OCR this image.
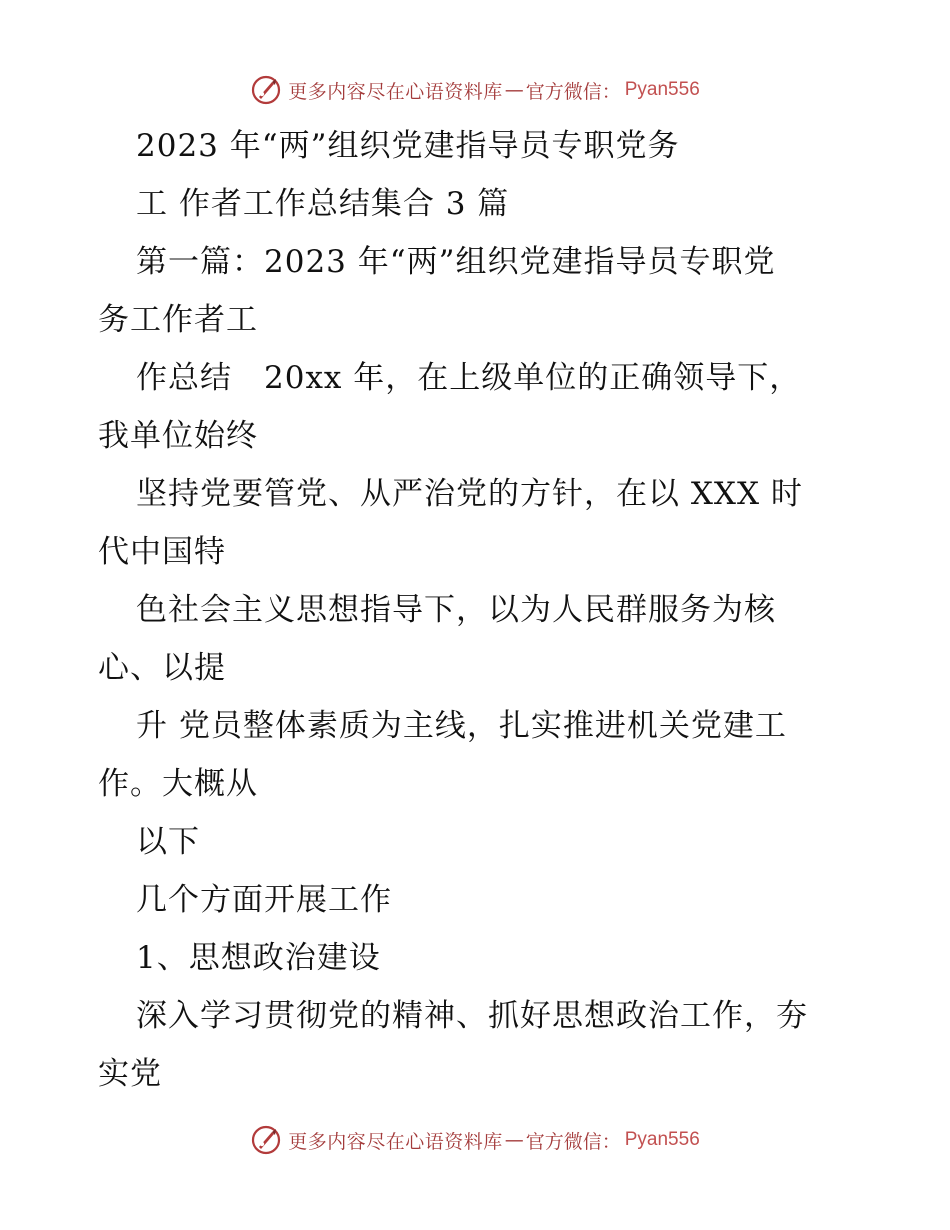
更多内容尽在心语资料库 — 官方微信： Pyan556
2023 年“两”组织党建指导员专职党务
工 作者工作总结集合 3 篇
第一篇：2023 年“两”组织党建指导员专职党
务工作者工
作总结　20xx 年，在上级单位的正确领导下，
我单位始终
坚持党要管党、从严治党的方针，在以 XXX 时
代中国特
色社会主义思想指导下，以为人民群服务为核
心、以提
升 党员整体素质为主线，扎实推进机关党建工
作。大概从
以下
几个方面开展工作
1、思想政治建设
深入学习贯彻党的精神、抓好思想政治工作，夯
实党
更多内容尽在心语资料库 — 官方微信： Pyan556
